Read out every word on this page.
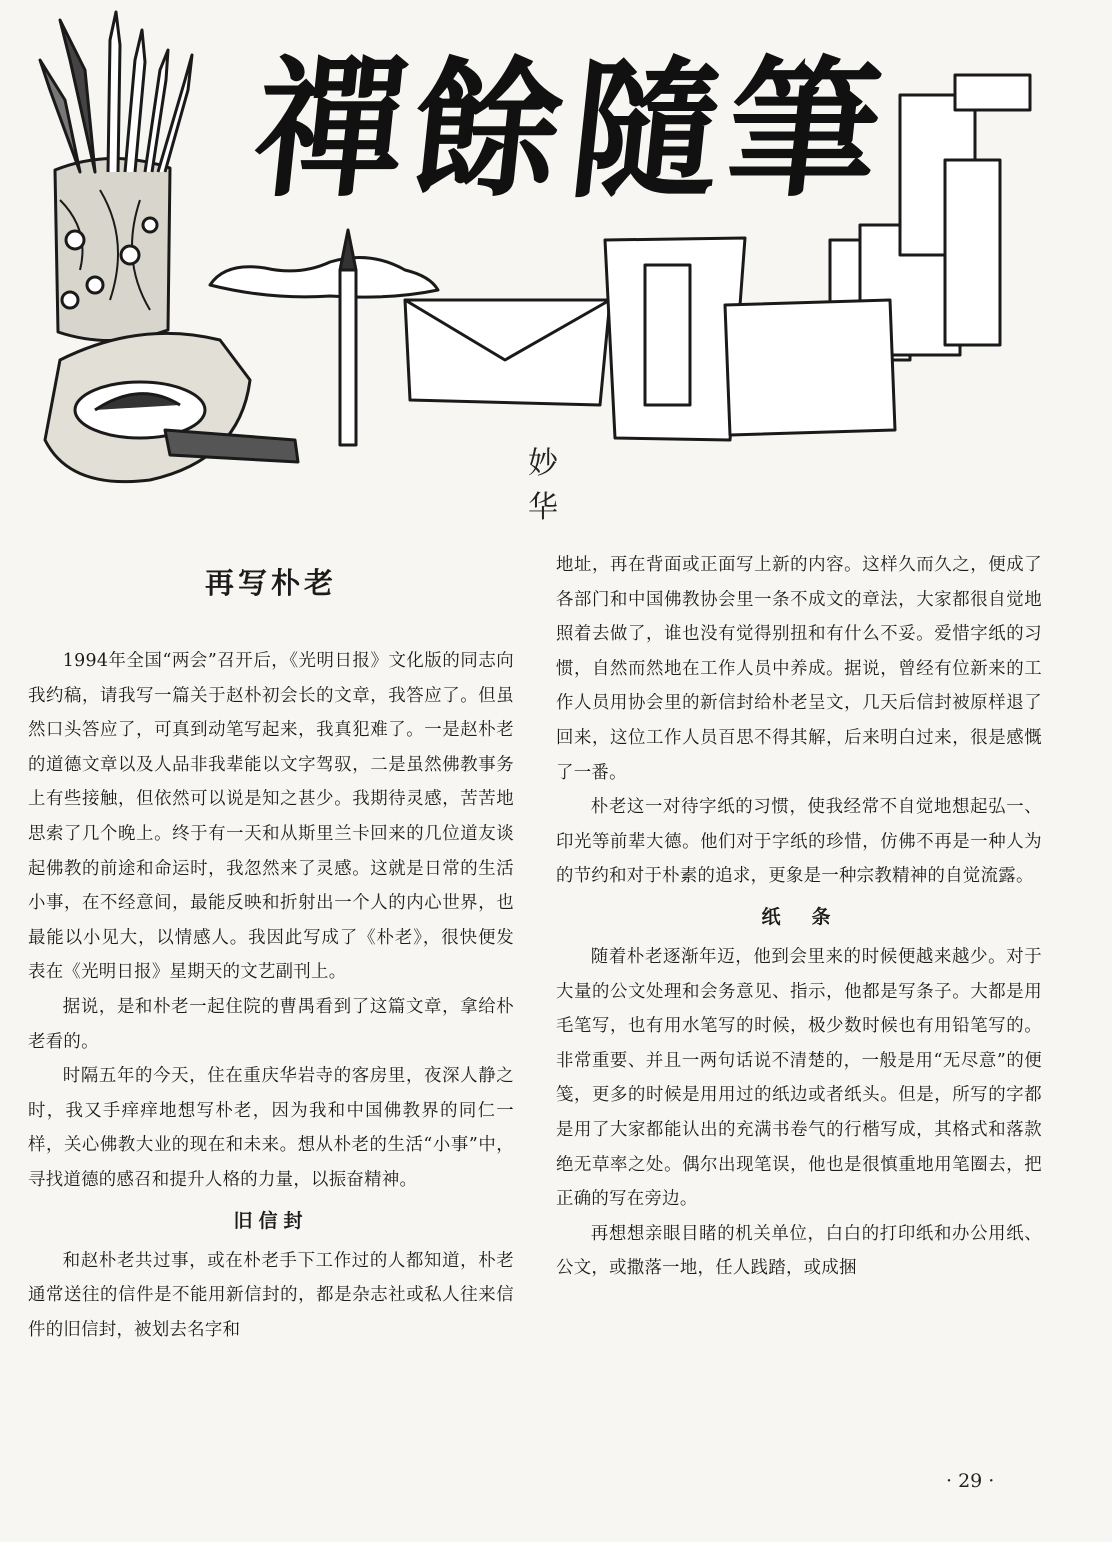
禪餘隨筆
妙　华
再写朴老

1994年全国“两会”召开后，《光明日报》文化版的同志向我约稿，请我写一篇关于赵朴初会长的文章，我答应了。但虽然口头答应了，可真到动笔写起来，我真犯难了。一是赵朴老的道德文章以及人品非我辈能以文字驾驭，二是虽然佛教事务上有些接触，但依然可以说是知之甚少。我期待灵感，苦苦地思索了几个晚上。终于有一天和从斯里兰卡回来的几位道友谈起佛教的前途和命运时，我忽然来了灵感。这就是日常的生活小事，在不经意间，最能反映和折射出一个人的内心世界，也最能以小见大，以情感人。我因此写成了《朴老》，很快便发表在《光明日报》星期天的文艺副刊上。

据说，是和朴老一起住院的曹禺看到了这篇文章，拿给朴老看的。

时隔五年的今天，住在重庆华岩寺的客房里，夜深人静之时，我又手痒痒地想写朴老，因为我和中国佛教界的同仁一样，关心佛教大业的现在和未来。想从朴老的生活“小事”中，寻找道德的感召和提升人格的力量，以振奋精神。

旧信封

和赵朴老共过事，或在朴老手下工作过的人都知道，朴老通常送往的信件是不能用新信封的，都是杂志社或私人往来信件的旧信封，被划去名字和

地址，再在背面或正面写上新的内容。这样久而久之，便成了各部门和中国佛教协会里一条不成文的章法，大家都很自觉地照着去做了，谁也没有觉得别扭和有什么不妥。爱惜字纸的习惯，自然而然地在工作人员中养成。据说，曾经有位新来的工作人员用协会里的新信封给朴老呈文，几天后信封被原样退了回来，这位工作人员百思不得其解，后来明白过来，很是感慨了一番。

朴老这一对待字纸的习惯，使我经常不自觉地想起弘一、印光等前辈大德。他们对于字纸的珍惜，仿佛不再是一种人为的节约和对于朴素的追求，更象是一种宗教精神的自觉流露。

纸　条

随着朴老逐渐年迈，他到会里来的时候便越来越少。对于大量的公文处理和会务意见、指示，他都是写条子。大都是用毛笔写，也有用水笔写的时候，极少数时候也有用铅笔写的。非常重要、并且一两句话说不清楚的，一般是用“无尽意”的便笺，更多的时候是用用过的纸边或者纸头。但是，所写的字都是用了大家都能认出的充满书卷气的行楷写成，其格式和落款绝无草率之处。偶尔出现笔误，他也是很慎重地用笔圈去，把正确的写在旁边。

再想想亲眼目睹的机关单位，白白的打印纸和办公用纸、公文，或撒落一地，任人践踏，或成捆

· 29 ·
